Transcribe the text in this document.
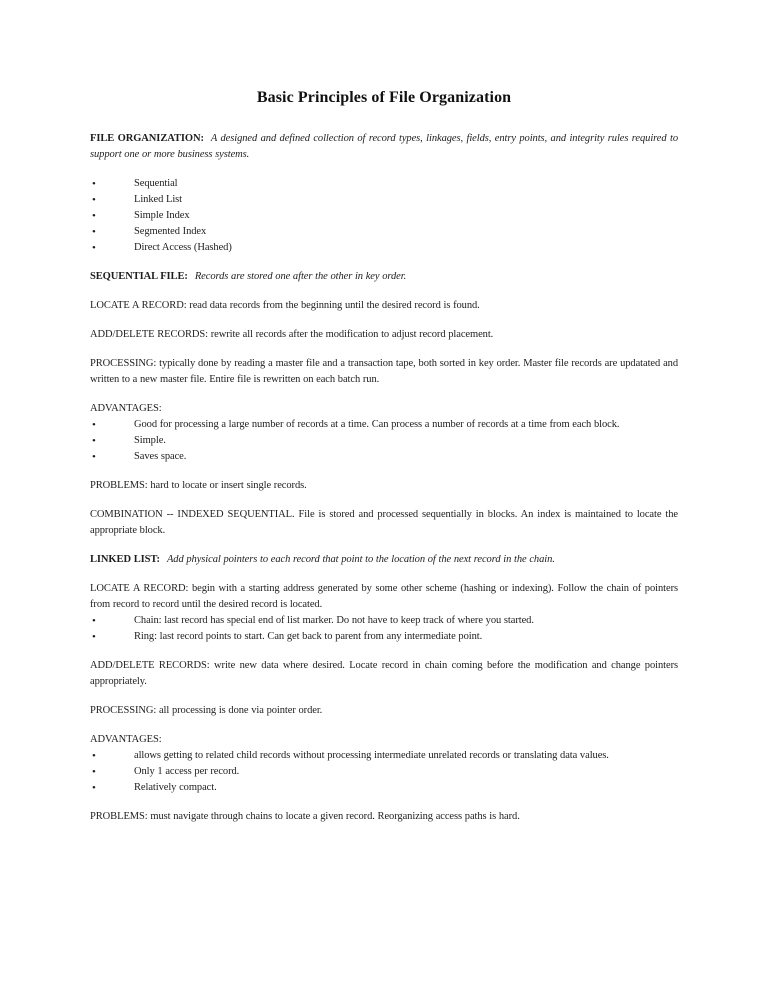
Basic Principles of File Organization

FILE ORGANIZATION: A designed and defined collection of record types, linkages, fields, entry points, and integrity rules required to support one or more business systems.

•	Sequential
•	Linked List
•	Simple Index
•	Segmented Index
•	Direct Access (Hashed)

SEQUENTIAL FILE: Records are stored one after the other in key order.

LOCATE A RECORD: read data records from the beginning until the desired record is found.

ADD/DELETE RECORDS: rewrite all records after the modification to adjust record placement.

PROCESSING: typically done by reading a master file and a transaction tape, both sorted in key order. Master file records are updatated and written to a new master file. Entire file is rewritten on each batch run.

ADVANTAGES:

•	Good for processing a large number of records at a time. Can process a number of records at a time from each block.
•	Simple.
•	Saves space.

PROBLEMS: hard to locate or insert single records.

COMBINATION -- INDEXED SEQUENTIAL. File is stored and processed sequentially in blocks. An index is maintained to locate the appropriate block.

LINKED LIST: Add physical pointers to each record that point to the location of the next record in the chain.

LOCATE A RECORD: begin with a starting address generated by some other scheme (hashing or indexing). Follow the chain of pointers from record to record until the desired record is located.

•	Chain: last record has special end of list marker. Do not have to keep track of where you started.
•	Ring: last record points to start. Can get back to parent from any intermediate point.

ADD/DELETE RECORDS: write new data where desired. Locate record in chain coming before the modification and change pointers appropriately.

PROCESSING: all processing is done via pointer order.

ADVANTAGES:

•	allows getting to related child records without processing intermediate unrelated records or translating data values.
•	Only 1 access per record.
•	Relatively compact.

PROBLEMS: must navigate through chains to locate a given record. Reorganizing access paths is hard.
